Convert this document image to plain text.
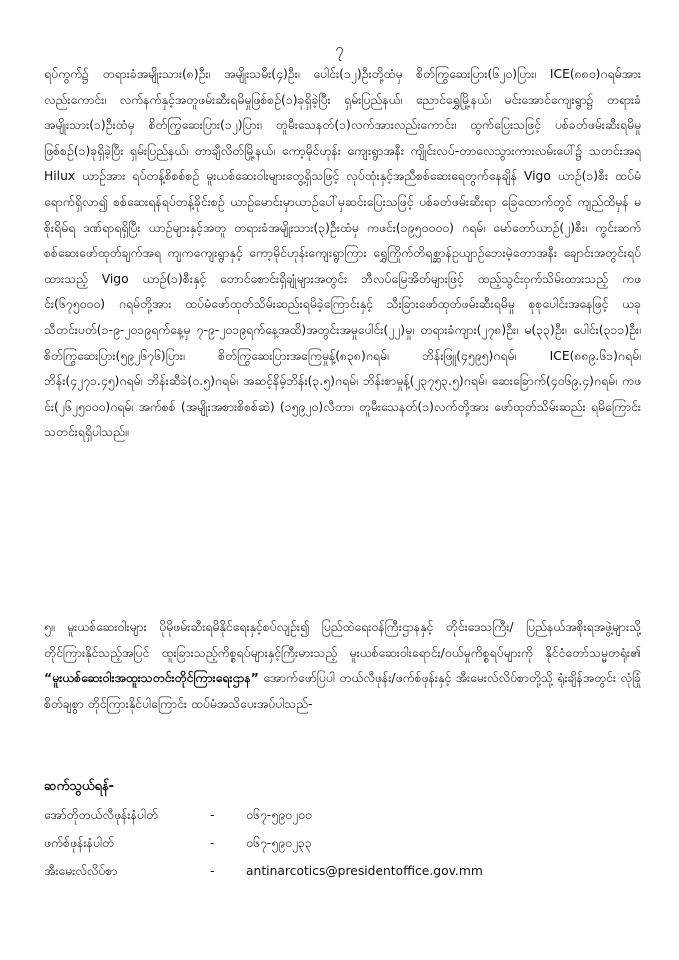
၇

ရပ်ကွက်၌ တရားခံအမျိုးသား(၈)ဦး၊ အမျိုးသမီး(၄)ဦး၊ ပေါင်း(၁၂)ဦးတို့ထံမှ စိတ်ကြွဆေးပြား(၆၂၀)ပြား၊ ICE(၈၈၀)ဂရမ်အားလည်းကောင်း၊ လက်နက်နှင့်အတူဖမ်းဆီးရမိမှုဖြစ်စဉ်(၁)ခုရှိခဲ့ပြီး ရှမ်းပြည်နယ်၊ ညောင်ရွှေမြို့နယ်၊ မင်းအောင်ကျေးရွာ၌ တရားခံအမျိုးသား(၁)ဦးထံမှ စိတ်ကြွဆေးပြား(၁၂)ပြား၊ တူမီးသေနတ်(၁)လက်အားလည်းကောင်း၊ ထွက်ပြေးသဖြင့် ပစ်ခတ်ဖမ်းဆီးရမိမှုဖြစ်စဉ်(၁)ခုရှိခဲ့ပြီး ရှမ်းပြည်နယ်၊ တာချီလိတ်မြို့နယ်၊ ကော့မိုင်ဟုန်း ကျေးရွာအနီး ကျိုင်းလပ်-တာလေသွားကားလမ်းပေါ်၌ သတင်းအရ Hilux ယာဉ်အား ရပ်တန့်စိစစ်စဉ် မူးယစ်ဆေးဝါးများတွေ့ရှိသဖြင့် လုပ်ထုံးနှင့်အညီစစ်ဆေးရေတွက်နေချိန် Vigo ယာဉ်(၁)စီး ထပ်မံရောက်ရှိလာ၍ စစ်ဆေးရန်ရပ်တန့်ခိုင်းစဉ် ယာဉ်မောင်းမှာယာဉ်ပေါ်မှဆင်းပြေးသဖြင့် ပစ်ခတ်ဖမ်းဆီးရာ ခြေထောက်တွင် ကျည်ထိမှန် မစိုးရိမ်ရ ဒဏ်ရာရရှိပြီး ယာဉ်များနှင့်အတူ တရားခံအမျိုးသား(၃)ဦးထံမှ ကဖင်း(၁၉၅၀၀၀၀) ဂရမ်၊ မော်တော်ယာဉ်(၂)စီး၊ ကွင်းဆက်စစ်ဆေးဖော်ထုတ်ချက်အရ ကျကကျေးရွာနှင့် ကော့မိုင်ဟုန်းကျေးရွာကြား ရွှေကြိုက်တိရစ္ဆာန်ဥယျာဉ်ဘေးမဲ့တောအနီး ချောင်းအတွင်းရပ်ထားသည့် Vigo ယာဉ်(၁)စီးနှင့် တောင်စောင်းရှိချုံများအတွင်း ဘီလပ်မြေအိတ်များဖြင့် ထည့်သွင်းဝှက်သိမ်းထားသည့် ကဖင်း(၆၇၅၀၀၀) ဂရမ်တို့အား ထပ်မံဖော်ထုတ်သိမ်းဆည်းရမိခဲ့ကြောင်းနှင့် သီးခြားဖော်ထုတ်ဖမ်းဆီးရမိမှု စုစုပေါင်းအနေဖြင့် ယခုသီတင်းပတ်(၁-၉-၂၀၁၉ရက်နေ့မှ ၇-၉-၂၀၁၉ရက်နေ့အထိ)အတွင်းအမှုပေါင်း(၂၂)မှု၊ တရားခံကျား(၂၇၈)ဦး၊ မ(၃၃)ဦး၊ ပေါင်း(၃၁၁)ဦး၊ စိတ်ကြွဆေးပြား(၅၉၂၆၇၆)ပြား၊ စိတ်ကြွဆေးပြားအကြေမှုန့်(၈၃၈)ဂရမ်၊ ဘိန်းဖြူ(၄၅၉၅)ဂရမ်၊ ICE(၈၈၉.၆၁)ဂရမ်၊ဘိန်း(၄၂၇၁.၄၅)ဂရမ်၊ ဘိန်းဆီခဲ(၀.၅)ဂရမ်၊ အဆင့်နိမ့်ဘိန်း(၃.၅)ဂရမ်၊ ဘိန်းစာမှုန့်(၂၃၇၅၃.၅)ဂရမ်၊ ဆေးခြောက်(၄၀၆၉.၄)ဂရမ်၊ ကဖင်း(၂၆၂၅၀၀၀)ဂရမ်၊ အက်စစ် (အမျိုးအစားစိစစ်ဆဲ) (၁၅၉၂၀)လီတာ၊ တူမီးသေနတ်(၁)လက်တို့အား ဖော်ထုတ်သိမ်းဆည်း ရမိကြောင်း သတင်းရရှိပါသည်။

၅။ မူးယစ်ဆေးဝါးများ ပိုမိုဖမ်းဆီးရမိနိုင်ရေးနှင့်စပ်လျဉ်း၍ ပြည်ထဲရေးဝန်ကြီးဌာနနှင့် တိုင်းဒေသကြီး/ ပြည်နယ်အစိုးရအဖွဲ့များသို့ တိုင်ကြားနိုင်သည့်အပြင် ထူးခြားသည့်ကိစ္စရပ်များနှင့်ကြီးမားသည့် မူးယစ်ဆေးဝါးရောင်း/ဝယ်မှုကိစ္စရပ်များကို နိုင်ငံတော်သမ္မတရုံး၏ “မူးယစ်ဆေးဝါးအထူးသတင်းတိုင်ကြားရေးဌာန” အောက်ဖော်ပြပါ တယ်လီဖုန်း/ဖက်စ်ဖုန်းနှင့် အီးမေးလ်လိပ်စာတို့သို့ ရုံးချိန်အတွင်း လုံခြုံစိတ်ချစွာ တိုင်ကြားနိုင်ပါကြောင်း ထပ်မံအသိပေးအပ်ပါသည်-

ဆက်သွယ်ရန်-
အော်တိုတယ်လီဖုန်းနံပါတ်	-	၀၆၇-၅၉၀၂၀၀
ဖက်စ်ဖုန်းနံပါတ်	-	၀၆၇-၅၉၀၂၃၃
အီးမေးလ်လိပ်စာ	-	antinarcotics@presidentoffice.gov.mm
